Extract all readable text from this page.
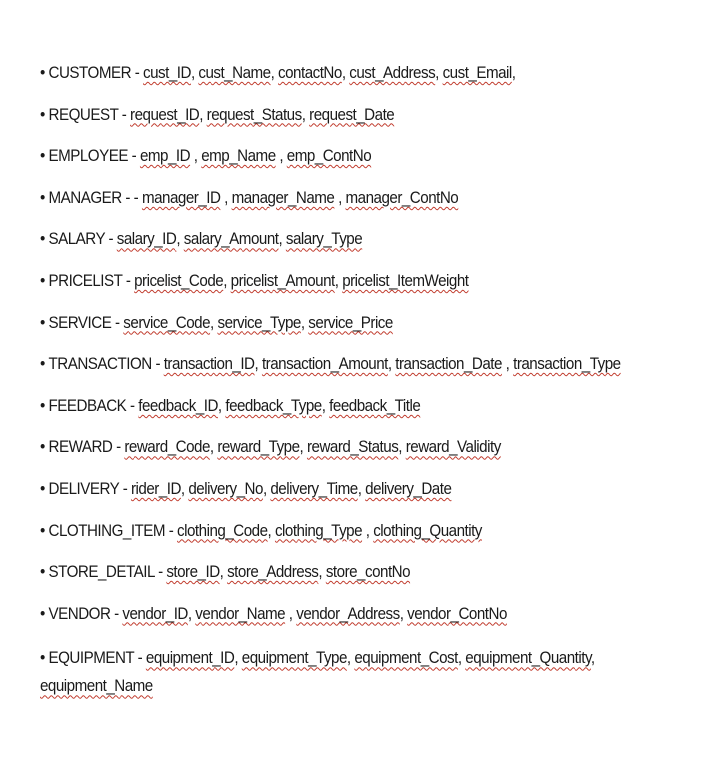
• CUSTOMER - cust_ID, cust_Name, contactNo, cust_Address, cust_Email,
• REQUEST - request_ID, request_Status, request_Date
• EMPLOYEE - emp_ID , emp_Name , emp_ContNo
• MANAGER - - manager_ID , manager_Name , manager_ContNo
• SALARY - salary_ID, salary_Amount, salary_Type
• PRICELIST - pricelist_Code, pricelist_Amount, pricelist_ItemWeight
• SERVICE - service_Code, service_Type, service_Price
• TRANSACTION - transaction_ID, transaction_Amount, transaction_Date , transaction_Type
• FEEDBACK - feedback_ID, feedback_Type, feedback_Title
• REWARD - reward_Code, reward_Type, reward_Status, reward_Validity
• DELIVERY - rider_ID, delivery_No, delivery_Time, delivery_Date
• CLOTHING_ITEM - clothing_Code, clothing_Type , clothing_Quantity
• STORE_DETAIL - store_ID, store_Address, store_contNo
• VENDOR - vendor_ID, vendor_Name , vendor_Address, vendor_ContNo
• EQUIPMENT - equipment_ID, equipment_Type, equipment_Cost, equipment_Quantity, equipment_Name
